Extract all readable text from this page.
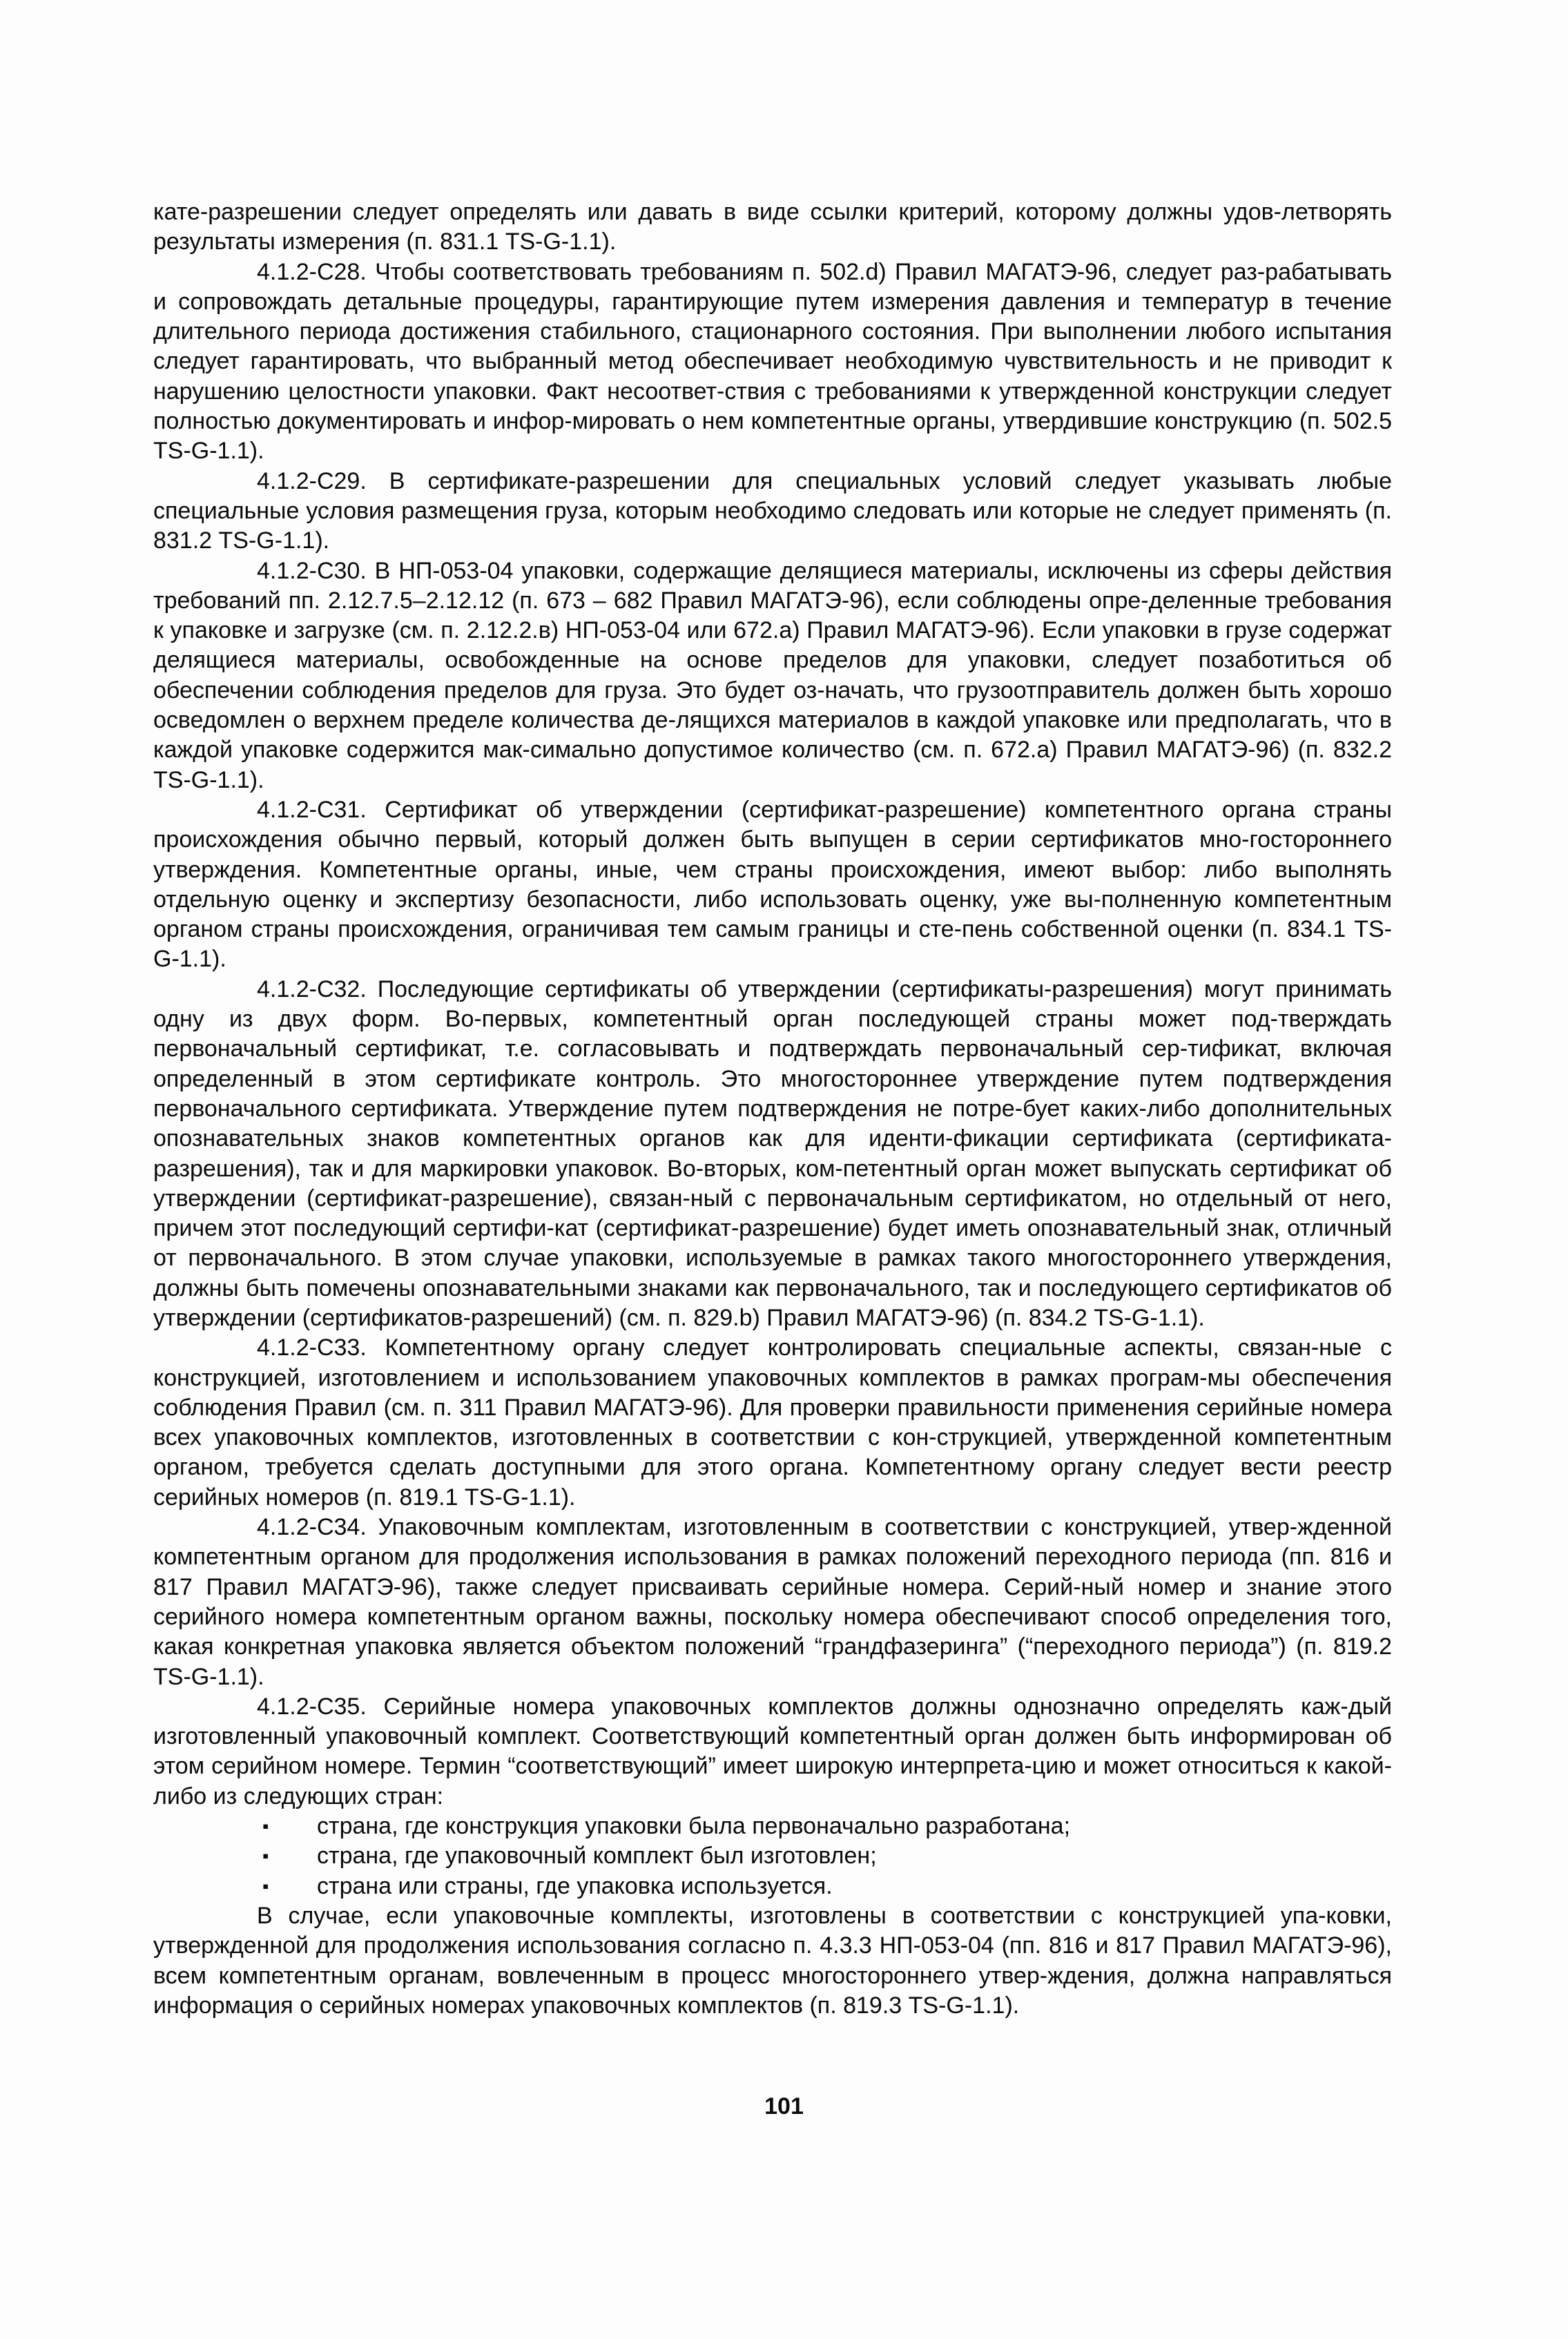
кате-разрешении следует определять или давать в виде ссылки критерий, которому должны удов-летворять результаты измерения (п. 831.1 TS-G-1.1).

4.1.2-C28. Чтобы соответствовать требованиям п. 502.d) Правил МАГАТЭ-96, следует раз-рабатывать и сопровождать детальные процедуры, гарантирующие путем измерения давления и температур в течение длительного периода достижения стабильного, стационарного состояния. При выполнении любого испытания следует гарантировать, что выбранный метод обеспечивает необходимую чувствительность и не приводит к нарушению целостности упаковки. Факт несоответ-ствия с требованиями к утвержденной конструкции следует полностью документировать и инфор-мировать о нем компетентные органы, утвердившие конструкцию (п. 502.5 TS-G-1.1).

4.1.2-C29. В сертификате-разрешении для специальных условий следует указывать любые специальные условия размещения груза, которым необходимо следовать или которые не следует применять (п. 831.2 TS-G-1.1).

4.1.2-C30. В НП-053-04 упаковки, содержащие делящиеся материалы, исключены из сферы действия требований пп. 2.12.7.5–2.12.12 (п. 673 – 682 Правил МАГАТЭ-96), если соблюдены опре-деленные требования к упаковке и загрузке (см. п. 2.12.2.в) НП-053-04 или 672.а) Правил МАГАТЭ-96). Если упаковки в грузе содержат делящиеся материалы, освобожденные на основе пределов для упаковки, следует позаботиться об обеспечении соблюдения пределов для груза. Это будет оз-начать, что грузоотправитель должен быть хорошо осведомлен о верхнем пределе количества де-лящихся материалов в каждой упаковке или предполагать, что в каждой упаковке содержится мак-симально допустимое количество (см. п. 672.а) Правил МАГАТЭ-96) (п. 832.2 TS-G-1.1).

4.1.2-C31. Сертификат об утверждении (сертификат-разрешение) компетентного органа страны происхождения обычно первый, который должен быть выпущен в серии сертификатов мно-гостороннего утверждения. Компетентные органы, иные, чем страны происхождения, имеют выбор: либо выполнять отдельную оценку и экспертизу безопасности, либо использовать оценку, уже вы-полненную компетентным органом страны происхождения, ограничивая тем самым границы и сте-пень собственной оценки (п. 834.1 TS-G-1.1).

4.1.2-C32. Последующие сертификаты об утверждении (сертификаты-разрешения) могут принимать одну из двух форм. Во-первых, компетентный орган последующей страны может под-тверждать первоначальный сертификат, т.е. согласовывать и подтверждать первоначальный сер-тификат, включая определенный в этом сертификате контроль. Это многостороннее утверждение путем подтверждения первоначального сертификата. Утверждение путем подтверждения не потре-бует каких-либо дополнительных опознавательных знаков компетентных органов как для иденти-фикации сертификата (сертификата-разрешения), так и для маркировки упаковок. Во-вторых, ком-петентный орган может выпускать сертификат об утверждении (сертификат-разрешение), связан-ный с первоначальным сертификатом, но отдельный от него, причем этот последующий сертифи-кат (сертификат-разрешение) будет иметь опознавательный знак, отличный от первоначального. В этом случае упаковки, используемые в рамках такого многостороннего утверждения, должны быть помечены опознавательными знаками как первоначального, так и последующего сертификатов об утверждении (сертификатов-разрешений) (см. п. 829.b) Правил МАГАТЭ-96) (п. 834.2 TS-G-1.1).

4.1.2-C33. Компетентному органу следует контролировать специальные аспекты, связан-ные с конструкцией, изготовлением и использованием упаковочных комплектов в рамках програм-мы обеспечения соблюдения Правил (см. п. 311 Правил МАГАТЭ-96). Для проверки правильности применения серийные номера всех упаковочных комплектов, изготовленных в соответствии с кон-струкцией, утвержденной компетентным органом, требуется сделать доступными для этого органа. Компетентному органу следует вести реестр серийных номеров (п. 819.1 TS-G-1.1).

4.1.2-C34. Упаковочным комплектам, изготовленным в соответствии с конструкцией, утвер-жденной компетентным органом для продолжения использования в рамках положений переходного периода (пп. 816 и 817 Правил МАГАТЭ-96), также следует присваивать серийные номера. Серий-ный номер и знание этого серийного номера компетентным органом важны, поскольку номера обеспечивают способ определения того, какая конкретная упаковка является объектом положений “грандфазеринга” (“переходного периода”) (п. 819.2 TS-G-1.1).

4.1.2-C35. Серийные номера упаковочных комплектов должны однозначно определять каж-дый изготовленный упаковочный комплект. Соответствующий компетентный орган должен быть информирован об этом серийном номере. Термин “соответствующий” имеет широкую интерпрета-цию и может относиться к какой-либо из следующих стран:

▪ страна, где конструкция упаковки была первоначально разработана;
▪ страна, где упаковочный комплект был изготовлен;
▪ страна или страны, где упаковка используется.

В случае, если упаковочные комплекты, изготовлены в соответствии с конструкцией упа-ковки, утвержденной для продолжения использования согласно п. 4.3.3 НП-053-04 (пп. 816 и 817 Правил МАГАТЭ-96), всем компетентным органам, вовлеченным в процесс многостороннего утвер-ждения, должна направляться информация о серийных номерах упаковочных комплектов (п. 819.3 TS-G-1.1).

101
